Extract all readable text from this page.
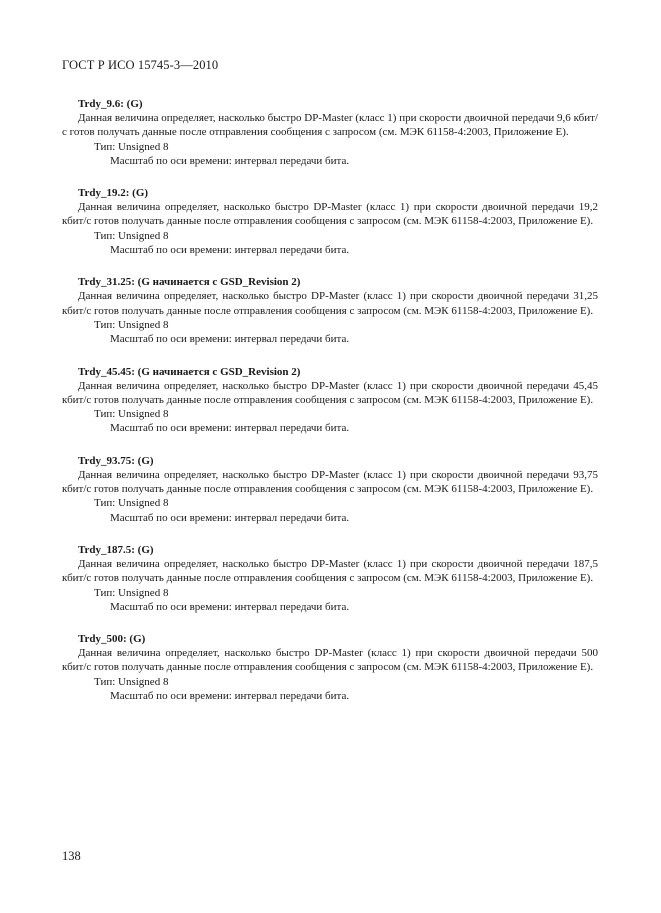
ГОСТ Р ИСО 15745-3—2010
Trdy_9.6: (G)
Данная величина определяет, насколько быстро DP-Master (класс 1) при скорости двоичной передачи 9,6 кбит/с готов получать данные после отправления сообщения с запросом (см. МЭК 61158-4:2003, Приложение Е).
Тип: Unsigned 8
Масштаб по оси времени: интервал передачи бита.
Trdy_19.2: (G)
Данная величина определяет, насколько быстро DP-Master (класс 1) при скорости двоичной передачи 19,2 кбит/с готов получать данные после отправления сообщения с запросом (см. МЭК 61158-4:2003, Приложение Е).
Тип: Unsigned 8
Масштаб по оси времени: интервал передачи бита.
Trdy_31.25: (G начинается с GSD_Revision 2)
Данная величина определяет, насколько быстро DP-Master (класс 1) при скорости двоичной передачи 31,25 кбит/с готов получать данные после отправления сообщения с запросом (см. МЭК 61158-4:2003, Приложение Е).
Тип: Unsigned 8
Масштаб по оси времени: интервал передачи бита.
Trdy_45.45: (G начинается с GSD_Revision 2)
Данная величина определяет, насколько быстро DP-Master (класс 1) при скорости двоичной передачи 45,45 кбит/с готов получать данные после отправления сообщения с запросом (см. МЭК 61158-4:2003, Приложение Е).
Тип: Unsigned 8
Масштаб по оси времени: интервал передачи бита.
Trdy_93.75: (G)
Данная величина определяет, насколько быстро DP-Master (класс 1) при скорости двоичной передачи 93,75 кбит/с готов получать данные после отправления сообщения с запросом (см. МЭК 61158-4:2003, Приложение Е).
Тип: Unsigned 8
Масштаб по оси времени: интервал передачи бита.
Trdy_187.5: (G)
Данная величина определяет, насколько быстро DP-Master (класс 1) при скорости двоичной передачи 187,5 кбит/с готов получать данные после отправления сообщения с запросом (см. МЭК 61158-4:2003, Приложение Е).
Тип: Unsigned 8
Масштаб по оси времени: интервал передачи бита.
Trdy_500: (G)
Данная величина определяет, насколько быстро DP-Master (класс 1) при скорости двоичной передачи 500 кбит/с готов получать данные после отправления сообщения с запросом (см. МЭК 61158-4:2003, Приложение Е).
Тип: Unsigned 8
Масштаб по оси времени: интервал передачи бита.
138
